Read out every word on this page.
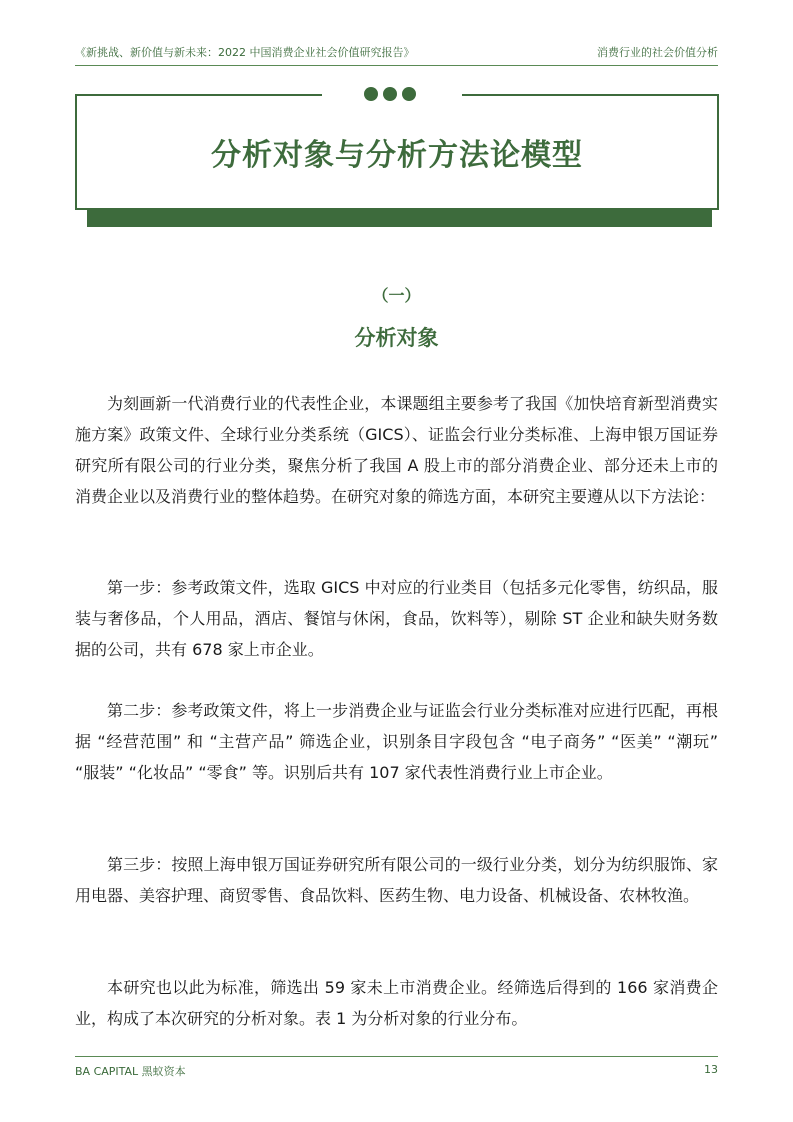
《新挑战、新价值与新未来：2022 中国消费企业社会价值研究报告》	消费行业的社会价值分析
分析对象与分析方法论模型
（一）
分析对象

为刻画新一代消费行业的代表性企业，本课题组主要参考了我国《加快培育新型消费实施方案》政策文件、全球行业分类系统（GICS）、证监会行业分类标准、上海申银万国证券研究所有限公司的行业分类，聚焦分析了我国 A 股上市的部分消费企业、部分还未上市的消费企业以及消费行业的整体趋势。在研究对象的筛选方面，本研究主要遵从以下方法论：

第一步：参考政策文件，选取 GICS 中对应的行业类目（包括多元化零售，纺织品，服装与奢侈品，个人用品，酒店、餐馆与休闲，食品，饮料等），剔除 ST 企业和缺失财务数据的公司，共有 678 家上市企业。

第二步：参考政策文件，将上一步消费企业与证监会行业分类标准对应进行匹配，再根据 “经营范围” 和 “主营产品” 筛选企业，识别条目字段包含 “电子商务” “医美” “潮玩” “服装” “化妆品” “零食” 等。识别后共有 107 家代表性消费行业上市企业。

第三步：按照上海申银万国证券研究所有限公司的一级行业分类，划分为纺织服饰、家用电器、美容护理、商贸零售、食品饮料、医药生物、电力设备、机械设备、农林牧渔。

本研究也以此为标准，筛选出 59 家未上市消费企业。经筛选后得到的 166 家消费企业，构成了本次研究的分析对象。表 1 为分析对象的行业分布。

BA CAPITAL 黑蚁资本	13
